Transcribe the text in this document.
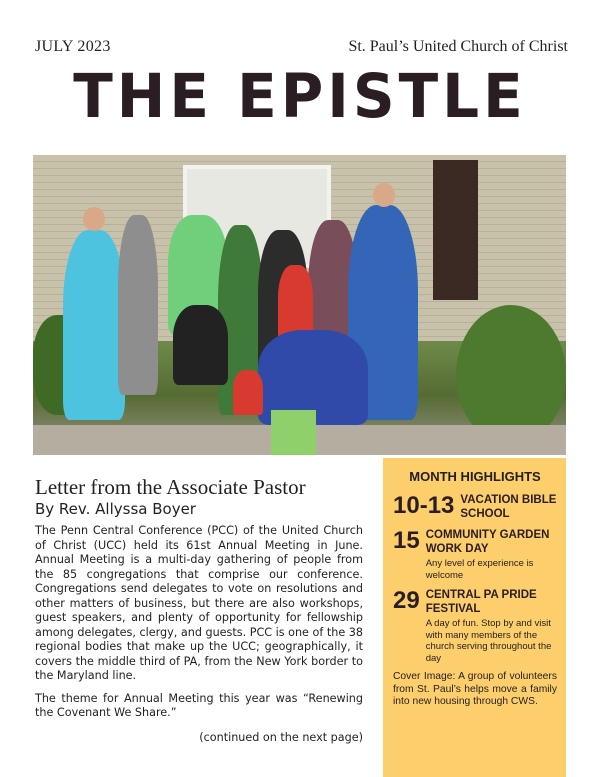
JULY 2023	St. Paul’s United Church of Christ
THE EPISTLE
Letter from the Associate Pastor
By Rev. Allyssa Boyer

The Penn Central Conference (PCC) of the United Church of Christ (UCC) held its 61st Annual Meeting in June. Annual Meeting is a multi-day gathering of people from the 85 congregations that comprise our conference. Congregations send delegates to vote on resolutions and other matters of business, but there are also workshops, guest speakers, and plenty of opportunity for fellowship among delegates, clergy, and guests. PCC is one of the 38 regional bodies that make up the UCC; geographically, it covers the middle third of PA, from the New York border to the Maryland line.

The theme for Annual Meeting this year was “Renewing the Covenant We Share.”

(continued on the next page)
MONTH HIGHLIGHTS
10-13 VACATION BIBLE SCHOOL
15 COMMUNITY GARDEN WORK DAY
Any level of experience is welcome
29 CENTRAL PA PRIDE FESTIVAL
A day of fun. Stop by and visit with many members of the church serving throughout the day
Cover Image: A group of volunteers from St. Paul’s helps move a family into new housing through CWS.
